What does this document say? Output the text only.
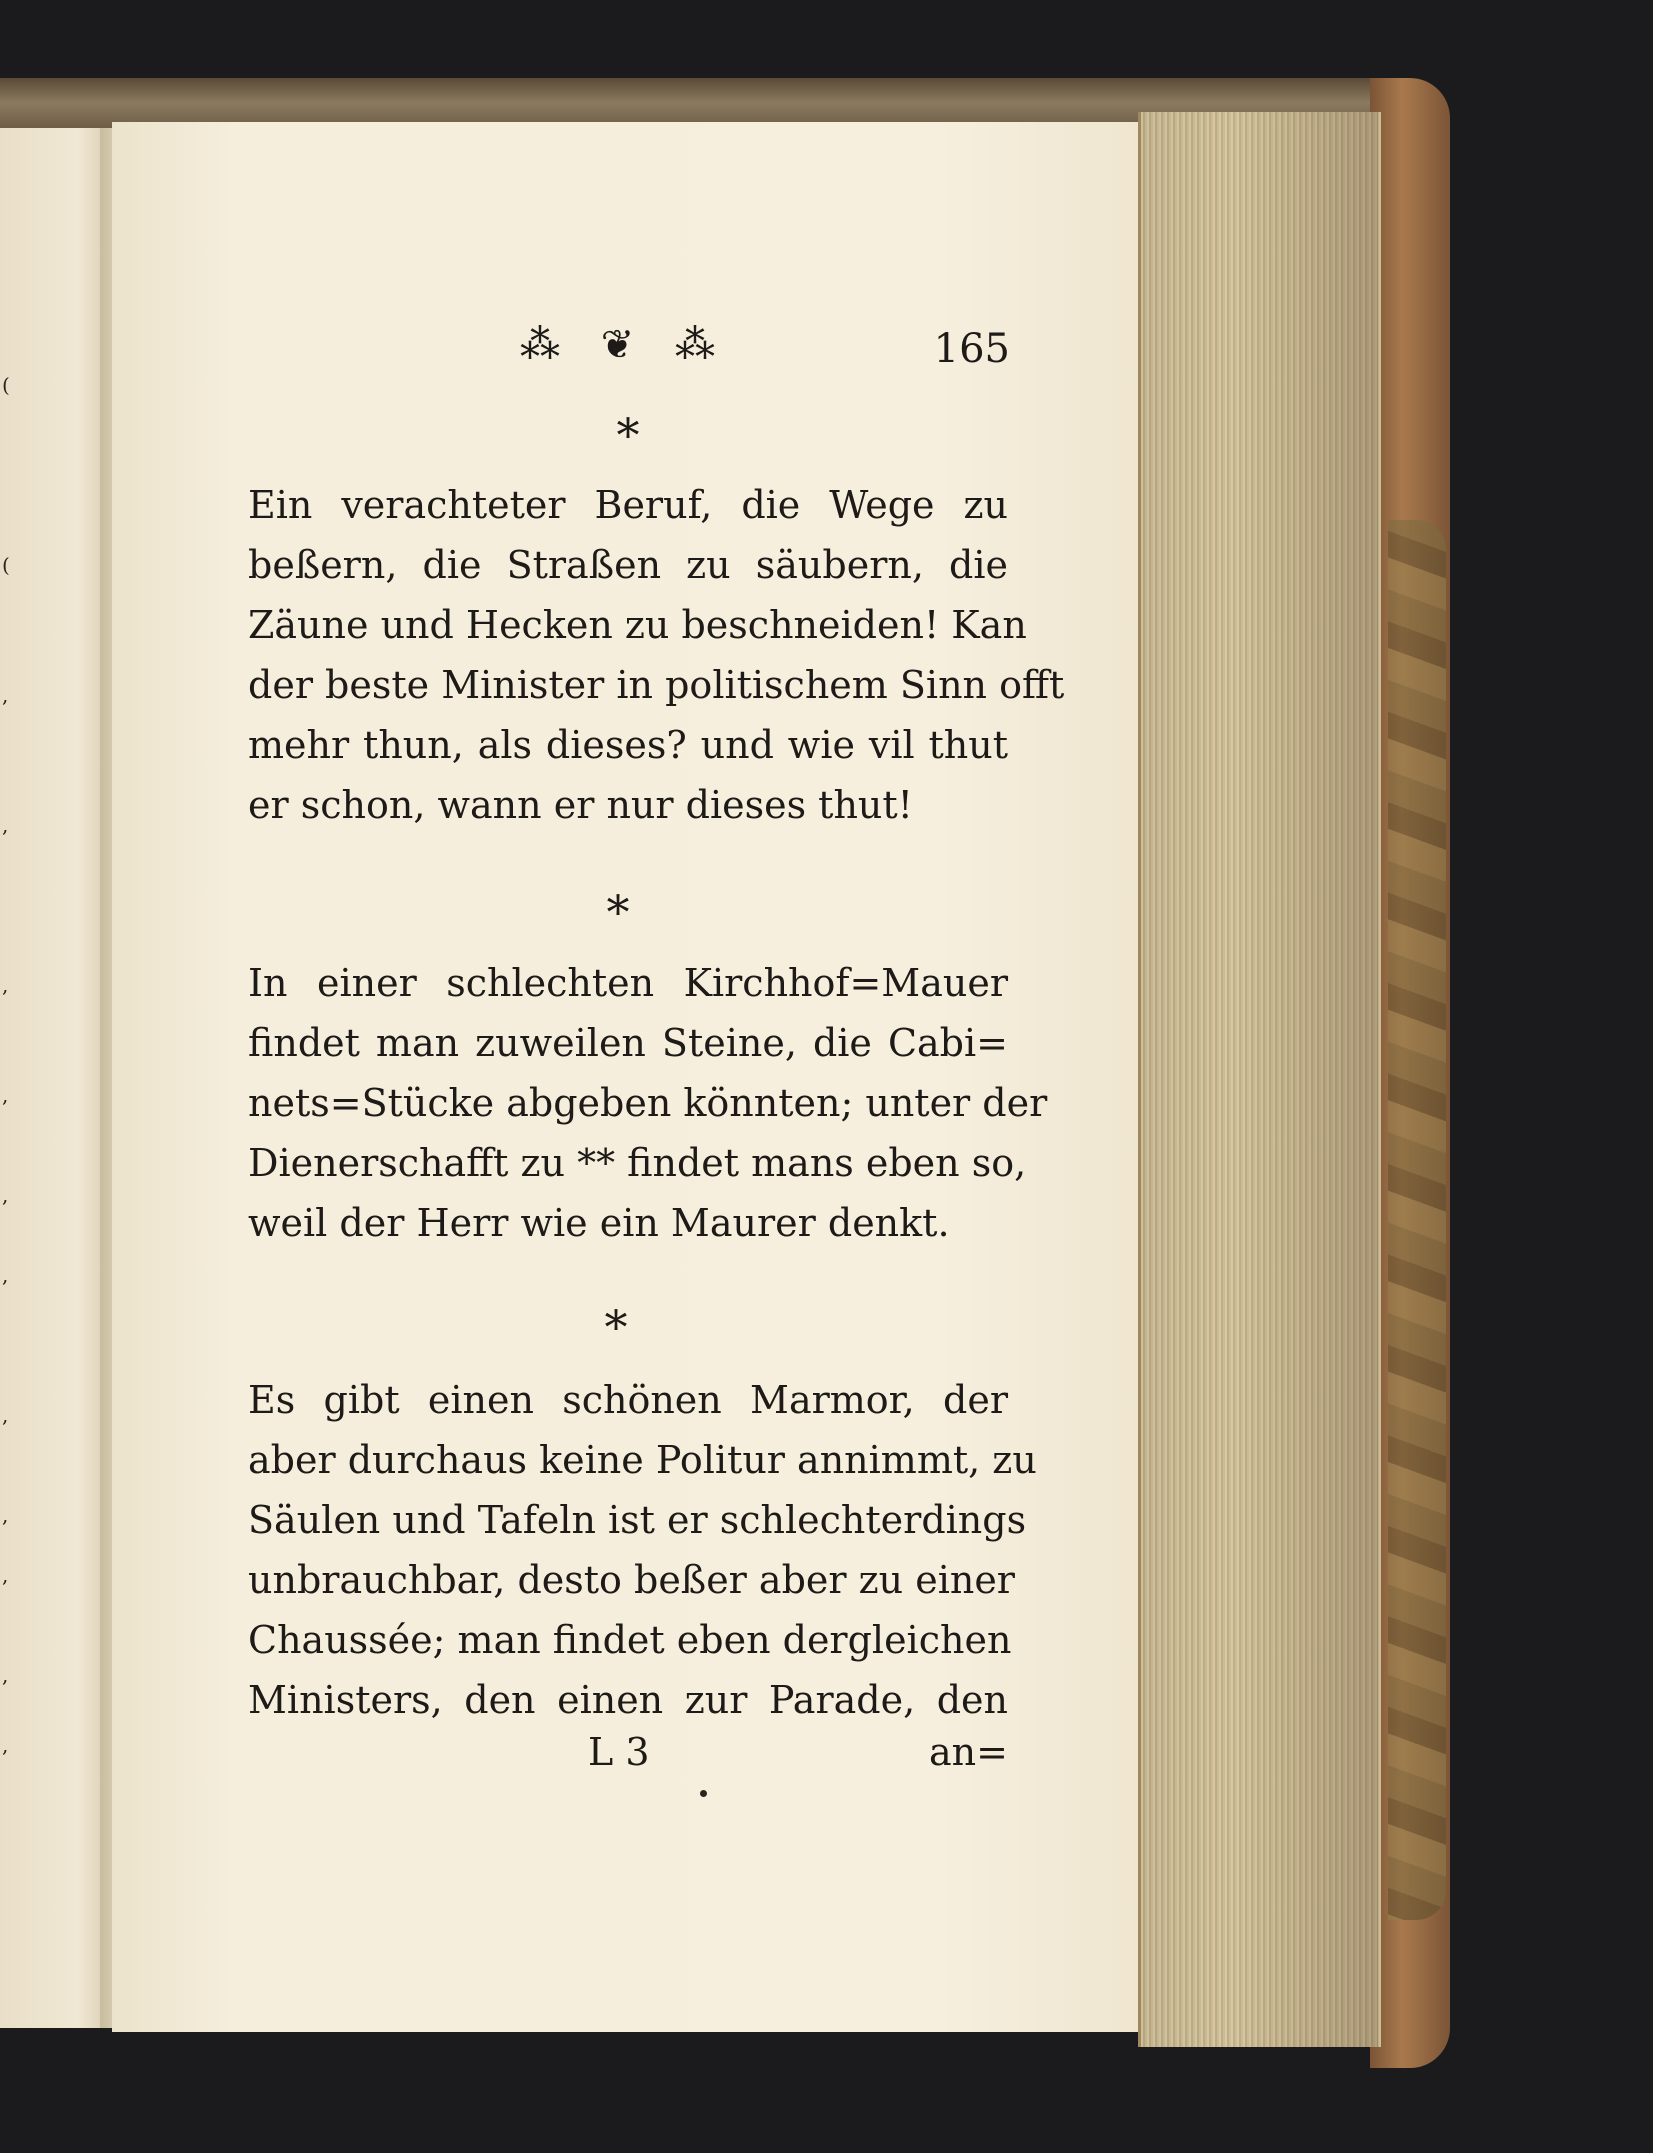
(
(
,
,
,
,
,
,
,
,
,
,
,

⁂ ❦ ⁂	165
*
Ein verachteter Beruf, die Wege zu
beßern, die Straßen zu säubern, die
Zäune und Hecken zu beschneiden! Kan
der beste Minister in politischem Sinn offt
mehr thun, als dieses? und wie vil thut
er schon, wann er nur dieses thut!
*
In einer schlechten Kirchhof=Mauer
findet man zuweilen Steine, die Cabi=
nets=Stücke abgeben könnten; unter der
Dienerschafft zu ** findet mans eben so,
weil der Herr wie ein Maurer denkt.
*
Es gibt einen schönen Marmor, der
aber durchaus keine Politur annimmt, zu
Säulen und Tafeln ist er schlechterdings
unbrauchbar, desto beßer aber zu einer
Chaussée; man findet eben dergleichen
Ministers, den einen zur Parade, den
L 3	an=
